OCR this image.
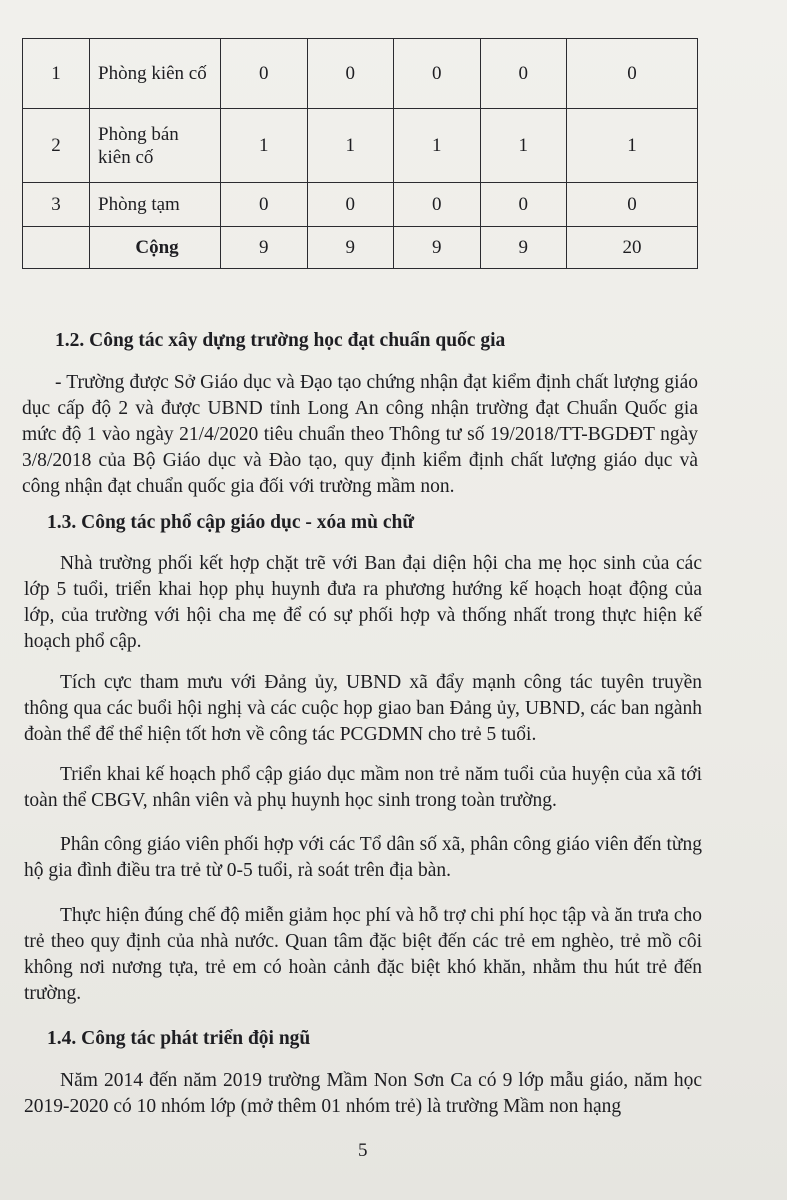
1	Phòng kiên cố	0	0	0	0	0
2	Phòng bán kiên cố	1	1	1	1	1
3	Phòng tạm	0	0	0	0	0
	Cộng	9	9	9	9	20
1.2. Công tác xây dựng trường học đạt chuẩn quốc gia
- Trường được Sở Giáo dục và Đạo tạo chứng nhận đạt kiểm định chất lượng giáo dục cấp độ 2 và được UBND tỉnh Long An công nhận trường đạt Chuẩn Quốc gia mức độ 1 vào ngày 21/4/2020 tiêu chuẩn theo Thông tư số 19/2018/TT-BGDĐT ngày 3/8/2018 của Bộ Giáo dục và Đào tạo, quy định kiểm định chất lượng giáo dục và công nhận đạt chuẩn quốc gia đối với trường mầm non.
1.3. Công tác phổ cập giáo dục - xóa mù chữ
Nhà trường phối kết hợp chặt trẽ với Ban đại diện hội cha mẹ học sinh của các lớp 5 tuổi, triển khai họp phụ huynh đưa ra phương hướng kế hoạch hoạt động của lớp, của trường với hội cha mẹ để có sự phối hợp và thống nhất trong thực hiện kế hoạch phổ cập.
Tích cực tham mưu với Đảng ủy, UBND xã đẩy mạnh công tác tuyên truyền thông qua các buổi hội nghị và các cuộc họp giao ban Đảng ủy, UBND, các ban ngành đoàn thể để thể hiện tốt hơn về công tác PCGDMN cho trẻ 5 tuổi.
Triển khai kế hoạch phổ cập giáo dục mầm non trẻ năm tuổi của huyện của xã tới toàn thể CBGV, nhân viên và phụ huynh học sinh trong toàn trường.
Phân công giáo viên phối hợp với các Tổ dân số xã, phân công giáo viên đến từng hộ gia đình điều tra trẻ từ 0-5 tuổi, rà soát trên địa bàn.
Thực hiện đúng chế độ miễn giảm học phí và hỗ trợ chi phí học tập và ăn trưa cho trẻ theo quy định của nhà nước. Quan tâm đặc biệt đến các trẻ em nghèo, trẻ mồ côi không nơi nương tựa, trẻ em có hoàn cảnh đặc biệt khó khăn, nhằm thu hút trẻ đến trường.
1.4. Công tác phát triển đội ngũ
Năm 2014 đến năm 2019 trường Mầm Non Sơn Ca có 9 lớp mẫu giáo, năm học 2019-2020 có 10 nhóm lớp (mở thêm 01 nhóm trẻ) là trường Mầm non hạng
5
